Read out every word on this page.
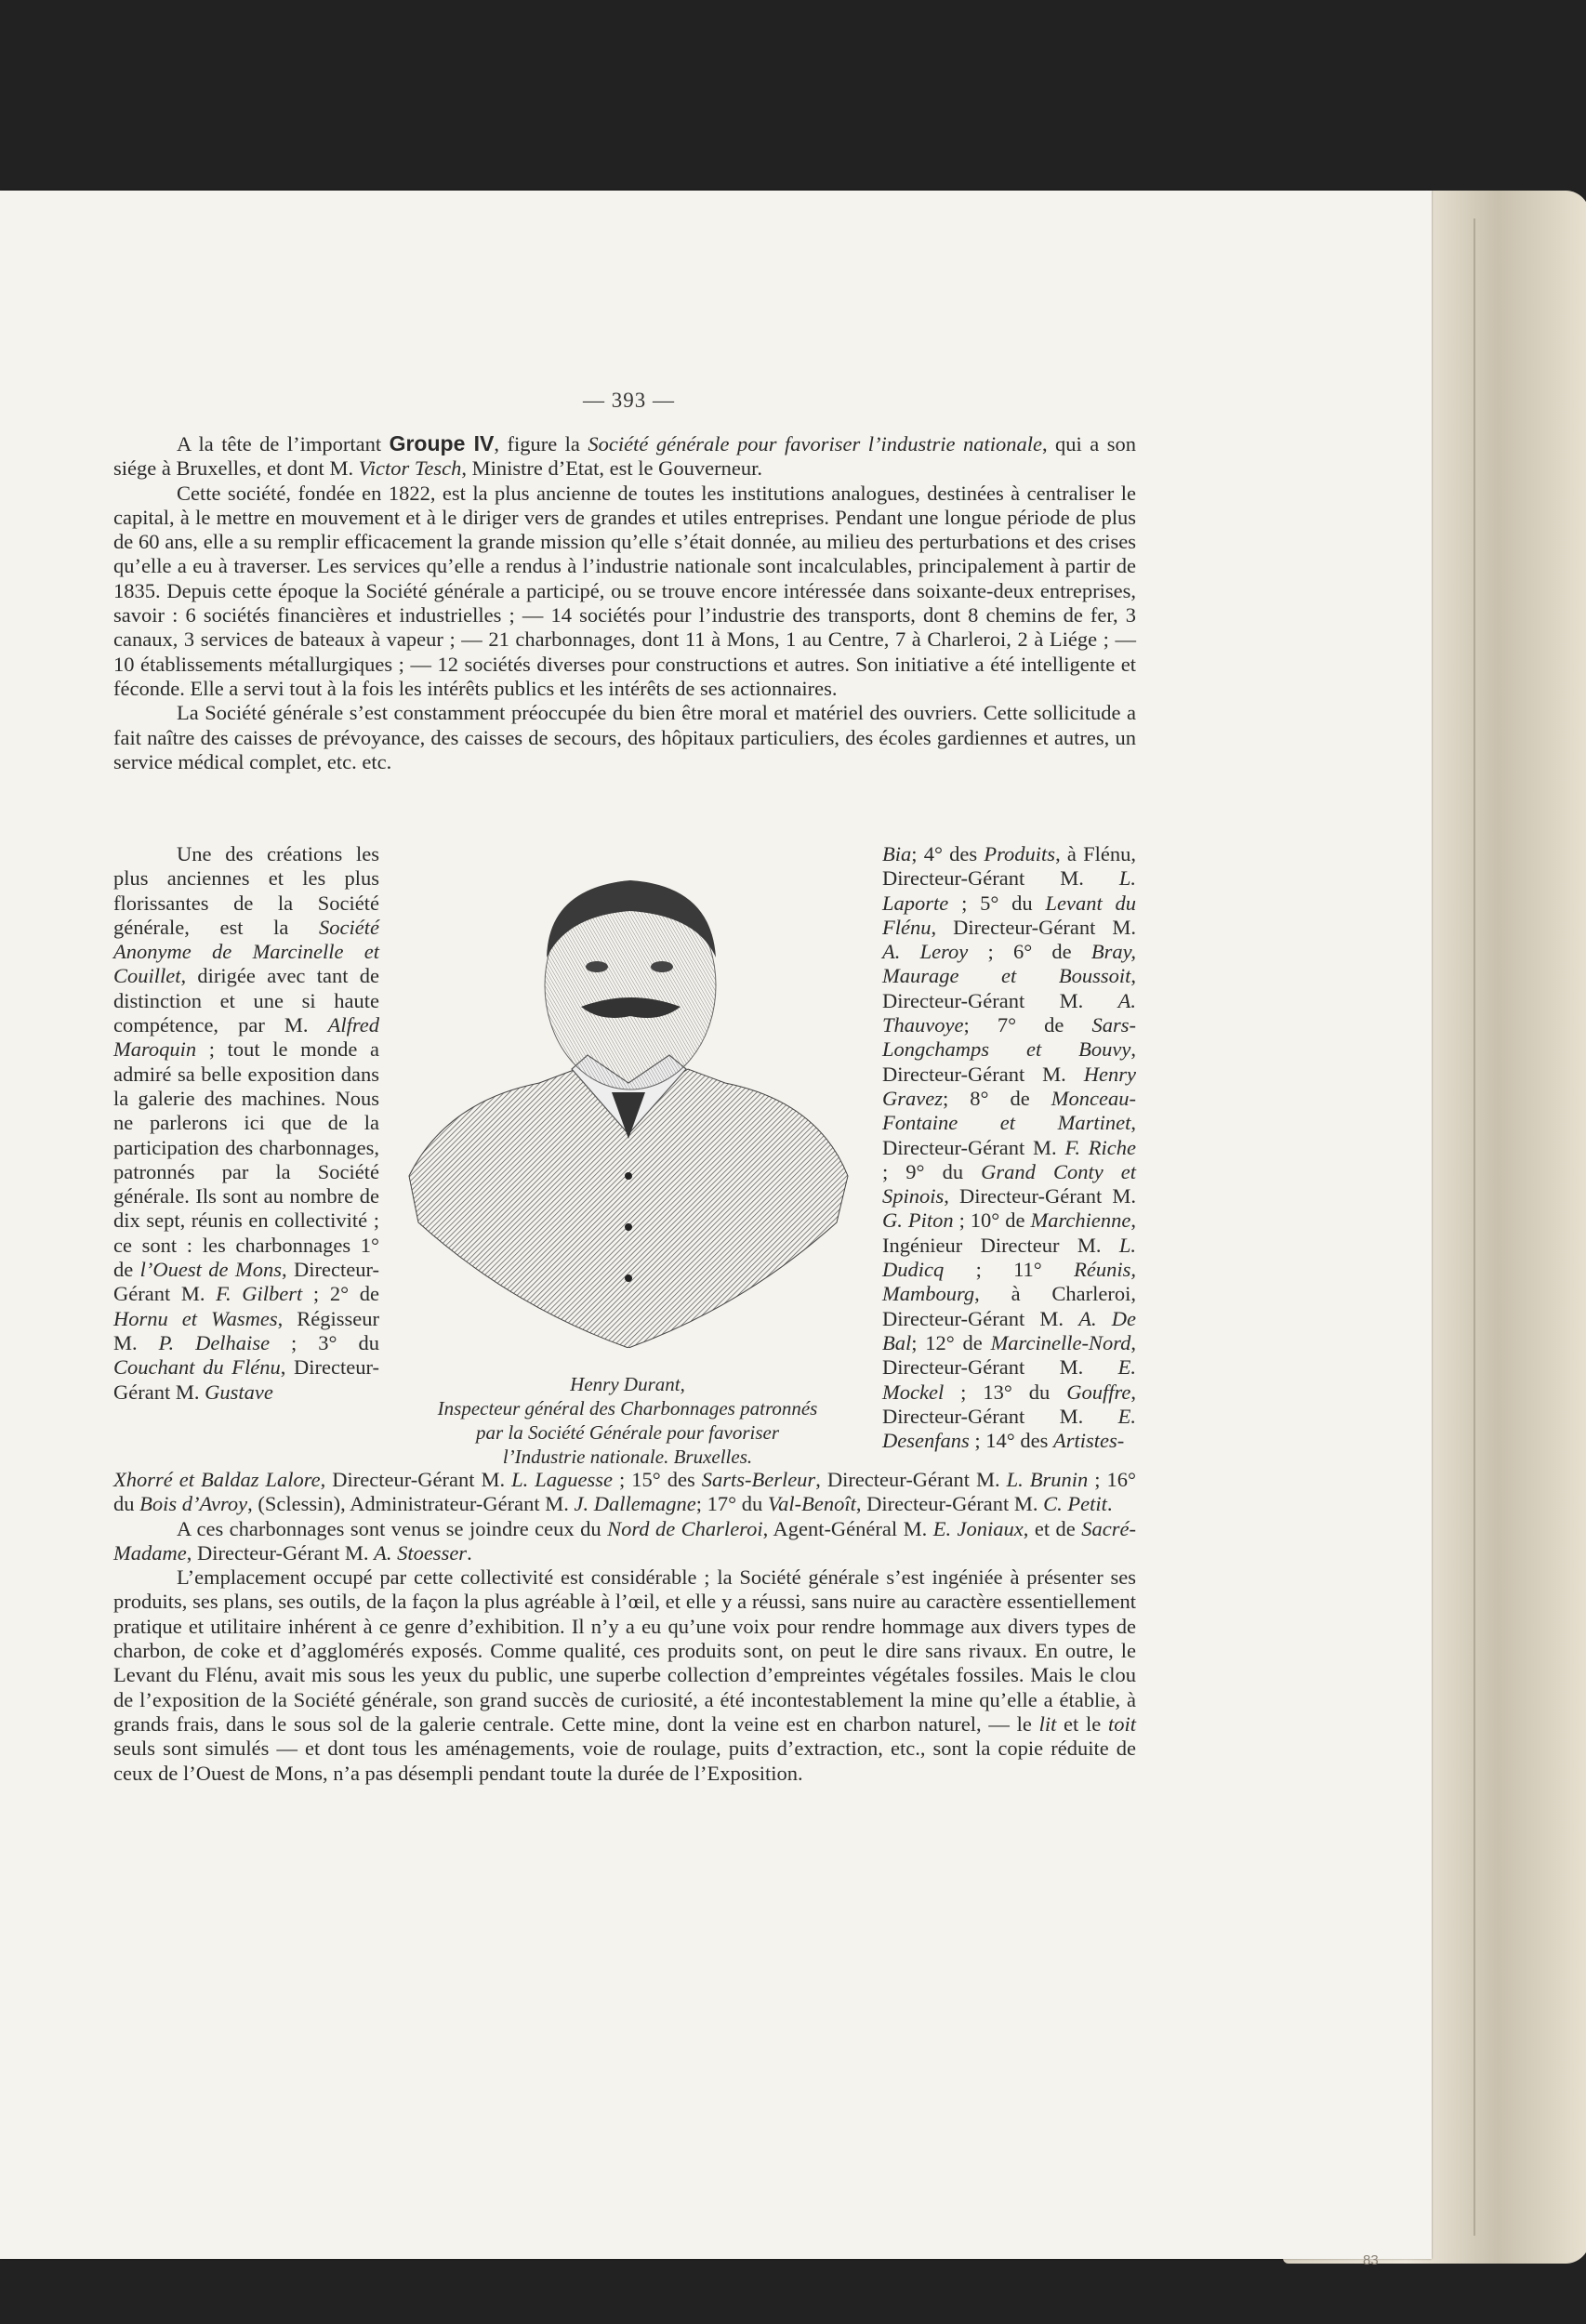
— 393 —

A la tête de l’important Groupe IV, figure la Société générale pour favoriser l’industrie nationale, qui a son siége à Bruxelles, et dont M. Victor Tesch, Ministre d’Etat, est le Gouverneur.

Cette société, fondée en 1822, est la plus ancienne de toutes les institutions analogues, destinées à centraliser le capital, à le mettre en mouvement et à le diriger vers de grandes et utiles entreprises. Pendant une longue période de plus de 60 ans, elle a su remplir efficacement la grande mission qu’elle s’était donnée, au milieu des perturbations et des crises qu’elle a eu à traverser. Les services qu’elle a rendus à l’industrie nationale sont incalculables, principalement à partir de 1835. Depuis cette époque la Société générale a participé, ou se trouve encore intéressée dans soixante-deux entreprises, savoir : 6 sociétés financières et industrielles ; — 14 sociétés pour l’industrie des transports, dont 8 chemins de fer, 3 canaux, 3 services de bateaux à vapeur ; — 21 charbonnages, dont 11 à Mons, 1 au Centre, 7 à Charleroi, 2 à Liége ; — 10 établissements métallurgiques ; — 12 sociétés diverses pour constructions et autres. Son initiative a été intelligente et féconde. Elle a servi tout à la fois les intérêts publics et les intérêts de ses actionnaires.

La Société générale s’est constamment préoccupée du bien être moral et matériel des ouvriers. Cette sollicitude a fait naître des caisses de prévoyance, des caisses de secours, des hôpitaux particuliers, des écoles gardiennes et autres, un service médical complet, etc. etc.

Une des créations les plus anciennes et les plus florissantes de la Société générale, est la Société Anonyme de Marcinelle et Couillet, dirigée avec tant de distinction et une si haute compétence, par M. Alfred Maroquin ; tout le monde a admiré sa belle exposition dans la galerie des machines. Nous ne parlerons ici que de la participation des charbonnages, patronnés par la Société générale. Ils sont au nombre de dix sept, réunis en collectivité ; ce sont : les charbonnages 1° de l’Ouest de Mons, Directeur-Gérant M. F. Gilbert ; 2° de Hornu et Wasmes, Régisseur M. P. Delhaise ; 3° du Couchant du Flénu, Directeur-Gérant M. Gustave

Bia; 4° des Produits, à Flénu, Directeur-Gérant M. L. Laporte ; 5° du Levant du Flénu, Directeur-Gérant M. A. Leroy ; 6° de Bray, Maurage et Boussoit, Directeur-Gérant M. A. Thauvoye; 7° de Sars-Longchamps et Bouvy, Directeur-Gérant M. Henry Gravez; 8° de Monceau-Fontaine et Martinet, Directeur-Gérant M. F. Riche ; 9° du Grand Conty et Spinois, Directeur-Gérant M. G. Piton ; 10° de Marchienne, Ingénieur Directeur M. L. Dudicq ; 11° Réunis, Mambourg, à Charleroi, Directeur-Gérant M. A. De Bal; 12° de Marcinelle-Nord, Directeur-Gérant M. E. Mockel ; 13° du Gouffre, Directeur-Gérant M. E. Desenfans ; 14° des Artistes-
Henry Durant,
Inspecteur général des Charbonnages patronnés
par la Société Générale pour favoriser
l’Industrie nationale. Bruxelles.

Xhorré et Baldaz Lalore, Directeur-Gérant M. L. Laguesse ; 15° des Sarts-Berleur, Directeur-Gérant M. L. Brunin ; 16° du Bois d’Avroy, (Sclessin), Administrateur-Gérant M. J. Dallemagne; 17° du Val-Benoît, Directeur-Gérant M. C. Petit.

A ces charbonnages sont venus se joindre ceux du Nord de Charleroi, Agent-Général M. E. Joniaux, et de Sacré-Madame, Directeur-Gérant M. A. Stoesser.

L’emplacement occupé par cette collectivité est considérable ; la Société générale s’est ingéniée à présenter ses produits, ses plans, ses outils, de la façon la plus agréable à l’œil, et elle y a réussi, sans nuire au caractère essentiellement pratique et utilitaire inhérent à ce genre d’exhibition. Il n’y a eu qu’une voix pour rendre hommage aux divers types de charbon, de coke et d’agglomérés exposés. Comme qualité, ces produits sont, on peut le dire sans rivaux. En outre, le Levant du Flénu, avait mis sous les yeux du public, une superbe collection d’empreintes végétales fossiles. Mais le clou de l’exposition de la Société générale, son grand succès de curiosité, a été incontestablement la mine qu’elle a établie, à grands frais, dans le sous sol de la galerie centrale. Cette mine, dont la veine est en charbon naturel, — le lit et le toit seuls sont simulés — et dont tous les aménagements, voie de roulage, puits d’extraction, etc., sont la copie réduite de ceux de l’Ouest de Mons, n’a pas désempli pendant toute la durée de l’Exposition.

83
